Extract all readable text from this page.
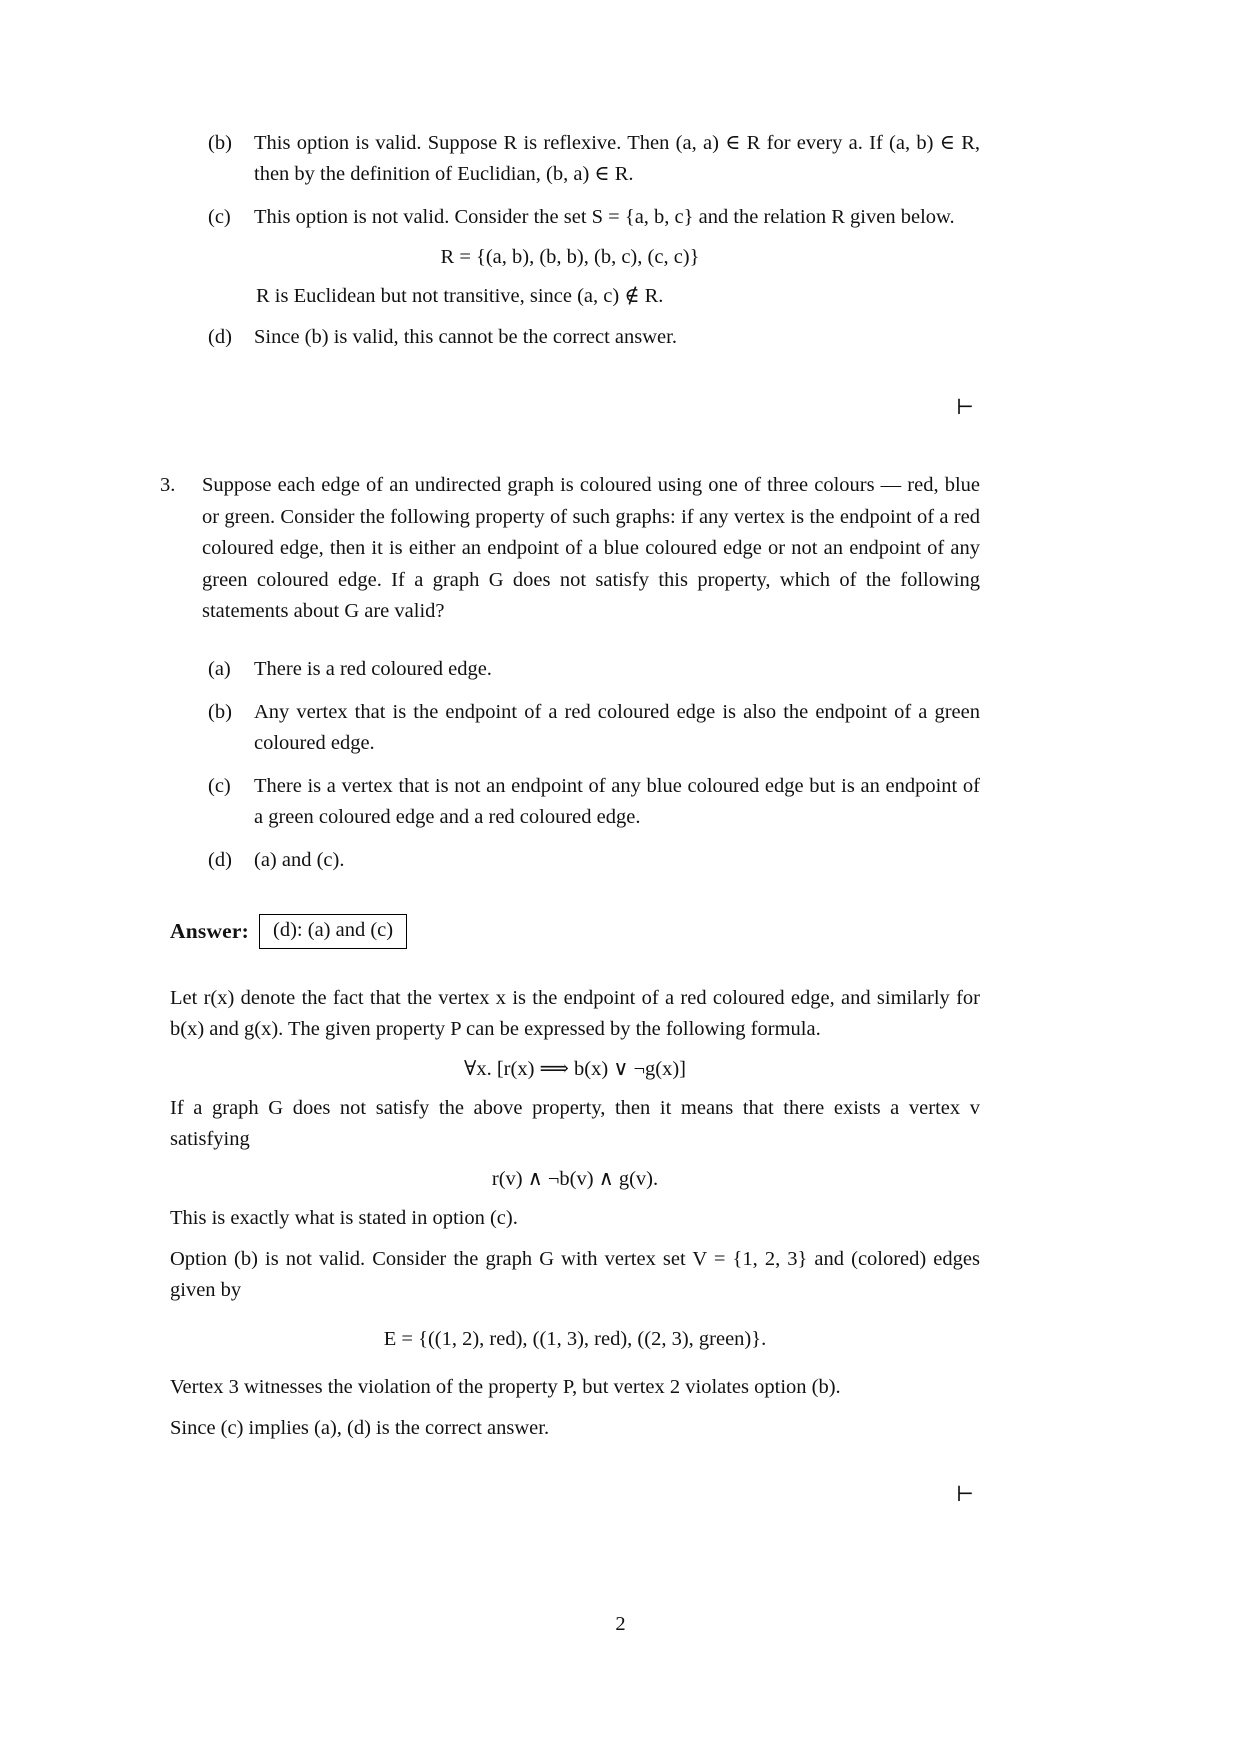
(b)	This option is valid. Suppose R is reflexive. Then (a, a) ∈ R for every a. If (a, b) ∈ R, then by the definition of Euclidian, (b, a) ∈ R.
(c)	This option is not valid. Consider the set S = {a, b, c} and the relation R given below.
R = {(a, b), (b, b), (b, c), (c, c)}

R is Euclidean but not transitive, since (a, c) ∉ R.

(d)	Since (b) is valid, this cannot be the correct answer.
⊣
3.	Suppose each edge of an undirected graph is coloured using one of three colours — red, blue or green. Consider the following property of such graphs: if any vertex is the endpoint of a red coloured edge, then it is either an endpoint of a blue coloured edge or not an endpoint of any green coloured edge. If a graph G does not satisfy this property, which of the following statements about G are valid?
(a)	There is a red coloured edge.
(b)	Any vertex that is the endpoint of a red coloured edge is also the endpoint of a green coloured edge.
(c)	There is a vertex that is not an endpoint of any blue coloured edge but is an endpoint of a green coloured edge and a red coloured edge.
(d)	(a) and (c).
Answer:	(d): (a) and (c)

Let r(x) denote the fact that the vertex x is the endpoint of a red coloured edge, and similarly for b(x) and g(x). The given property P can be expressed by the following formula.

∀x. [r(x) ⟹ b(x) ∨ ¬g(x)]

If a graph G does not satisfy the above property, then it means that there exists a vertex v satisfying

r(v) ∧ ¬b(v) ∧ g(v).

This is exactly what is stated in option (c).

Option (b) is not valid. Consider the graph G with vertex set V = {1, 2, 3} and (colored) edges given by

E = {((1, 2), red), ((1, 3), red), ((2, 3), green)}.

Vertex 3 witnesses the violation of the property P, but vertex 2 violates option (b).

Since (c) implies (a), (d) is the correct answer.

⊣
2
